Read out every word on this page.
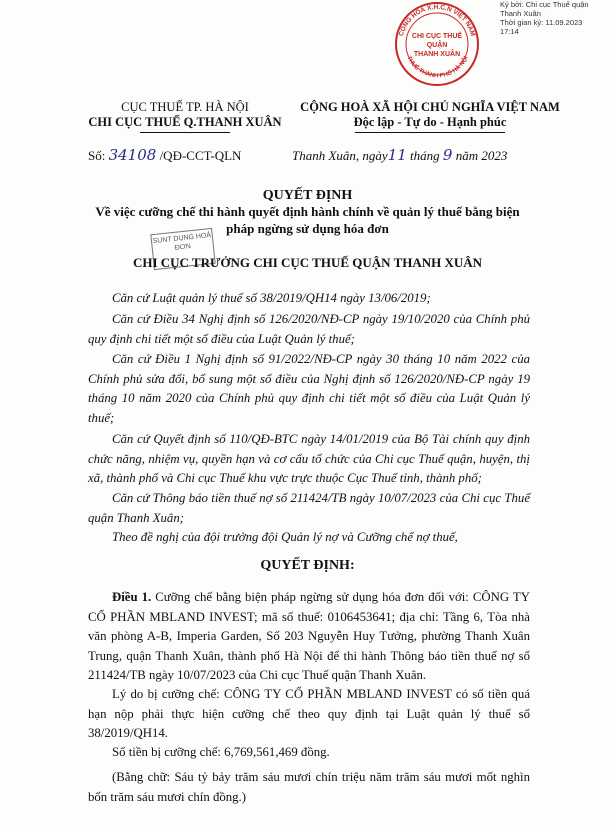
Ký bởi: Chi cục Thuế quận
Thanh Xuân
Thời gian ký: 11.09.2023
17:14
CỘNG HOÀ X.H.C.N VIỆT NAM
THUẾ THÀNH PHỐ HÀ NỘI
CHI CỤC THUẾ
QUẬN
THANH XUÂN
CỤC THUẾ TP. HÀ NỘI
CHI CỤC THUẾ Q.THANH XUÂN
CỘNG HOÀ XÃ HỘI CHỦ NGHĨA VIỆT NAM
Độc lập - Tự do - Hạnh phúc
Số: 34108 /QĐ-CCT-QLN	Thanh Xuân, ngày11 tháng 9 năm 2023
QUYẾT ĐỊNH
Về việc cưỡng chế thi hành quyết định hành chính về quản lý thuế bằng biện
pháp ngừng sử dụng hóa đơn
SUNT DỤNG HOÁ
ĐƠN
CHI CỤC TRƯỞNG CHI CỤC THUẾ QUẬN THANH XUÂN
Căn cứ Luật quản lý thuế số 38/2019/QH14 ngày 13/06/2019;
Căn cứ Điều 34 Nghị định số 126/2020/NĐ-CP ngày 19/10/2020 của Chính phủ quy định chi tiết một số điều của Luật Quản lý thuế;
Căn cứ Điều 1 Nghị định số 91/2022/NĐ-CP ngày 30 tháng 10 năm 2022 của Chính phủ sửa đổi, bổ sung một số điều của Nghị định số 126/2020/NĐ-CP ngày 19 tháng 10 năm 2020 của Chính phủ quy định chi tiết một số điều của Luật Quản lý thuế;
Căn cứ Quyết định số 110/QĐ-BTC ngày 14/01/2019 của Bộ Tài chính quy định chức năng, nhiệm vụ, quyền hạn và cơ cấu tổ chức của Chi cục Thuế quận, huyện, thị xã, thành phố và Chi cục Thuế khu vực trực thuộc Cục Thuế tỉnh, thành phố;
Căn cứ Thông báo tiền thuế nợ số 211424/TB ngày 10/07/2023 của Chi cục Thuế quận Thanh Xuân;
Theo đề nghị của đội trưởng đội Quản lý nợ và Cưỡng chế nợ thuế,
QUYẾT ĐỊNH:
Điều 1. Cưỡng chế bằng biện pháp ngừng sử dụng hóa đơn đối với: CÔNG TY CỔ PHẦN MBLAND INVEST; mã số thuế: 0106453641; địa chỉ: Tầng 6, Tòa nhà văn phòng A-B, Imperia Garden, Số 203 Nguyễn Huy Tưởng, phường Thanh Xuân Trung, quận Thanh Xuân, thành phố Hà Nội để thi hành Thông báo tiền thuế nợ số 211424/TB ngày 10/07/2023 của Chi cục Thuế quận Thanh Xuân.
Lý do bị cưỡng chế: CÔNG TY CỔ PHẦN MBLAND INVEST có số tiền quá hạn nộp phải thực hiện cưỡng chế theo quy định tại Luật quản lý thuế số 38/2019/QH14.
Số tiền bị cưỡng chế: 6,769,561,469 đồng.
(Bằng chữ: Sáu tỷ bảy trăm sáu mươi chín triệu năm trăm sáu mươi mốt nghìn bốn trăm sáu mươi chín đồng.)
